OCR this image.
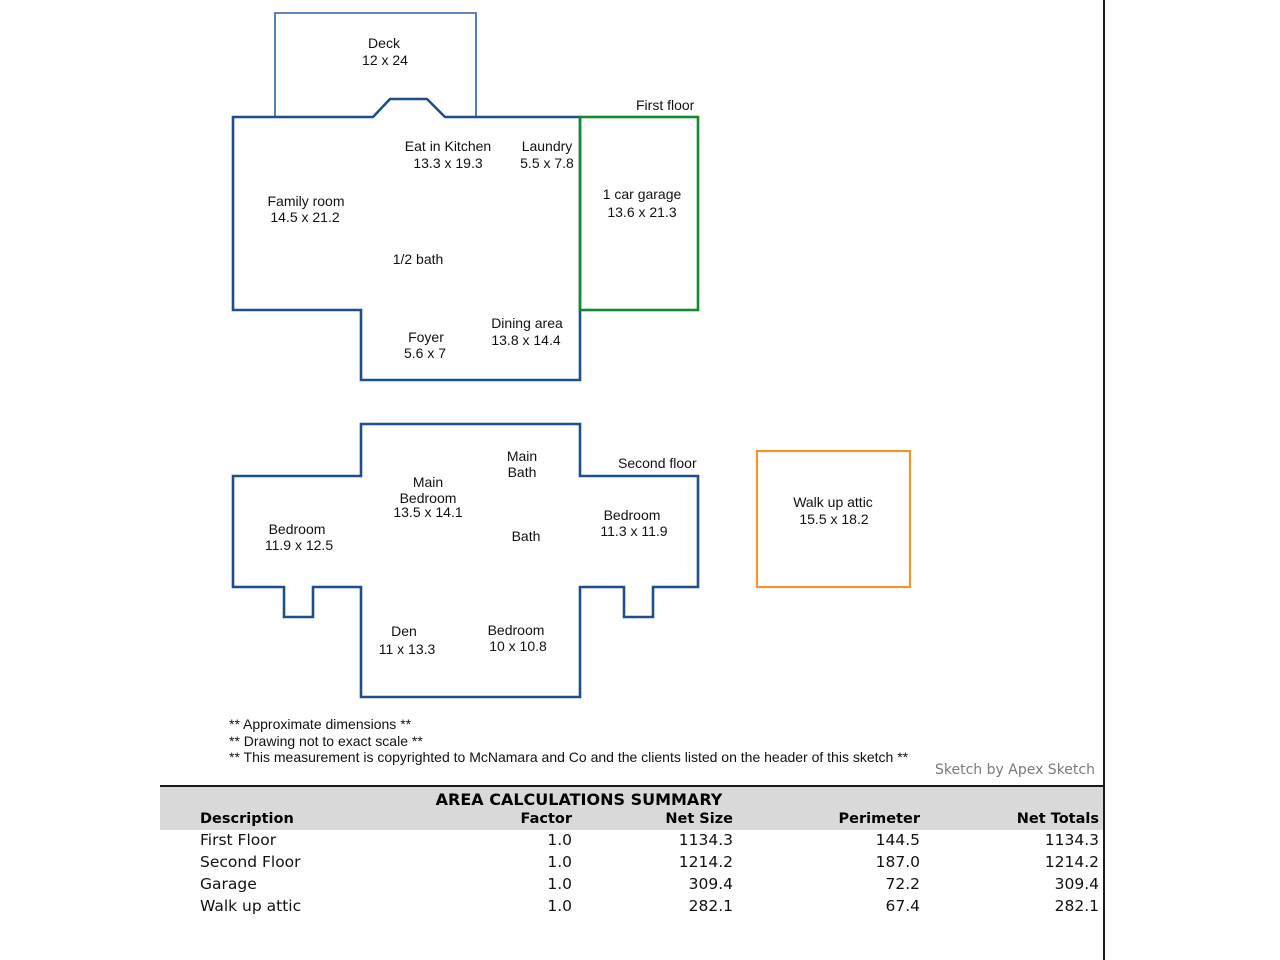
First floor
Second floor
Deck
12 x 24
Eat in Kitchen
13.3 x 19.3
Laundry
5.5 x 7.8
Family room
14.5 x 21.2
1/2 bath
1 car garage
13.6 x 21.3
Foyer
5.6 x 7
Dining area
13.8 x 14.4
Main Bath
Main Bedroom
13.5 x 14.1
Bedroom
11.9 x 12.5
Bath
Bedroom
11.3 x 11.9
Den
11 x 13.3
Bedroom
10 x 10.8
Walk up attic
15.5 x 18.2
** Approximate dimensions **
** Drawing not to exact scale **
** This measurement is copyrighted to McNamara and Co and the clients listed on the header of this sketch **
Sketch by Apex Sketch
AREA CALCULATIONS SUMMARY
Description	Factor	Net Size	Perimeter	Net Totals
First Floor	1.0	1134.3	144.5	1134.3
Second Floor	1.0	1214.2	187.0	1214.2
Garage	1.0	309.4	72.2	309.4
Walk up attic	1.0	282.1	67.4	282.1
